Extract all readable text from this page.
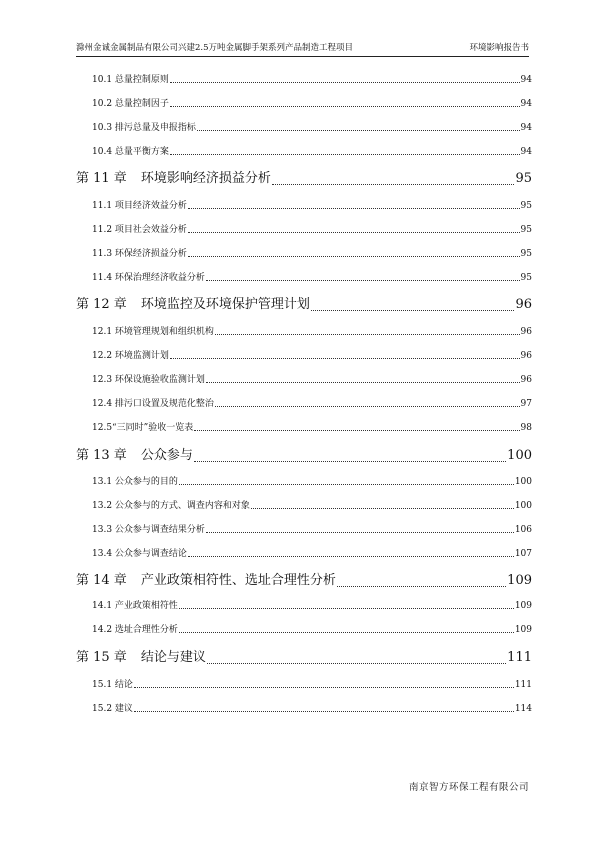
滁州金诚金属制品有限公司兴建2.5万吨金属脚手架系列产品制造工程项目	环境影响报告书
10.1 总量控制原则	94
10.2 总量控制因子	94
10.3 排污总量及申报指标	94
10.4 总量平衡方案	94
第 11 章 环境影响经济损益分析	95
11.1 项目经济效益分析	95
11.2 项目社会效益分析	95
11.3 环保经济损益分析	95
11.4 环保治理经济收益分析	95
第 12 章 环境监控及环境保护管理计划	96
12.1 环境管理规划和组织机构	96
12.2 环境监测计划	96
12.3 环保设施验收监测计划	96
12.4 排污口设置及规范化整治	97
12.5“三同时”验收一览表	98
第 13 章 公众参与	100
13.1 公众参与的目的	100
13.2 公众参与的方式、调查内容和对象	100
13.3 公众参与调查结果分析	106
13.4 公众参与调查结论	107
第 14 章 产业政策相符性、选址合理性分析	109
14.1 产业政策相符性	109
14.2 选址合理性分析	109
第 15 章 结论与建议	111
15.1 结论	111
15.2 建议	114
南京智方环保工程有限公司
